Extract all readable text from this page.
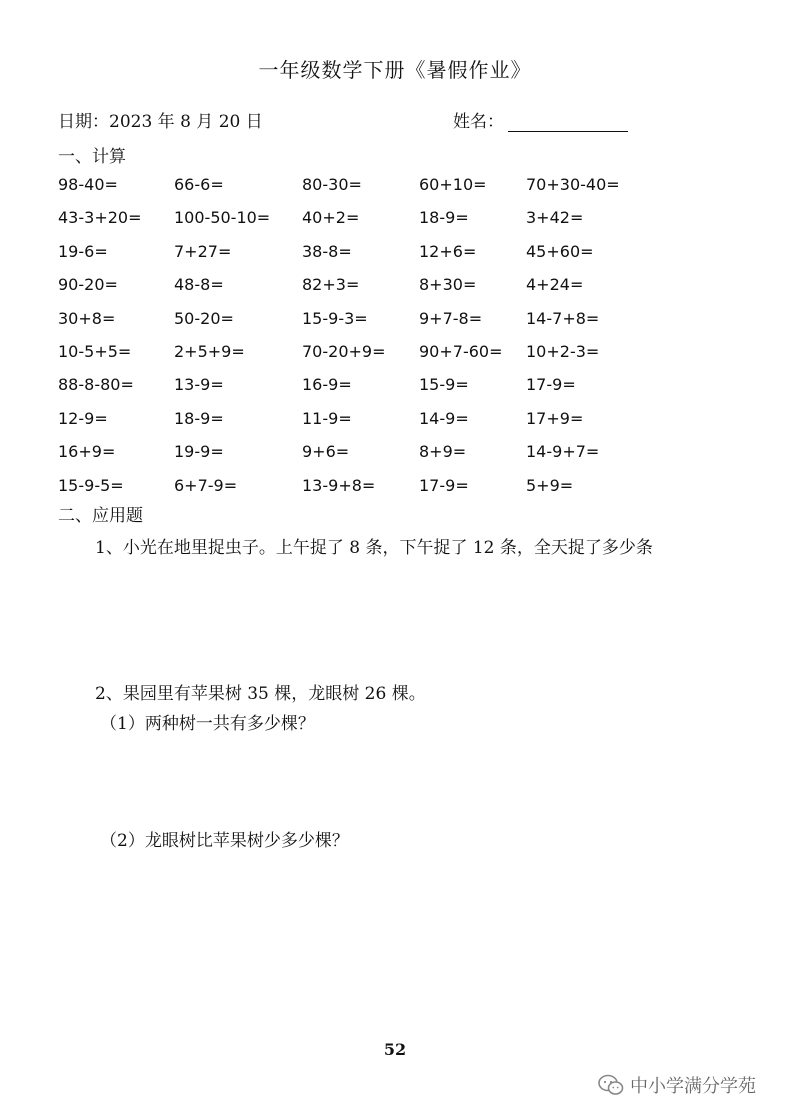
一年级数学下册《暑假作业》
日期：2023 年 8 月 20 日	姓名：
一、计算
98-40=	66-6=	80-30=	60+10= 70+30-40=
43-3+20= 100-50-10= 40+2=	18-9=	3+42=
19-6=	7+27=	38-8=	12+6=	45+60=
90-20=	48-8=	82+3=	8+30=	4+24=
30+8=	50-20=	15-9-3=	9+7-8=	14-7+8=
10-5+5=	2+5+9=	70-20+9= 90+7-60= 10+2-3=
88-8-80=	13-9=	16-9=	15-9=	17-9=
12-9=	18-9=	11-9=	14-9=	17+9=
16+9=	19-9=	9+6=	8+9=	14-9+7=
15-9-5=	6+7-9=	13-9+8=	17-9=	5+9=
二、应用题
1、小光在地里捉虫子。上午捉了 8 条，下午捉了 12 条，全天捉了多少条
2、果园里有苹果树 35 棵，龙眼树 26 棵。
（1）两种树一共有多少棵？
（2）龙眼树比苹果树少多少棵？
52
中小学满分学苑
